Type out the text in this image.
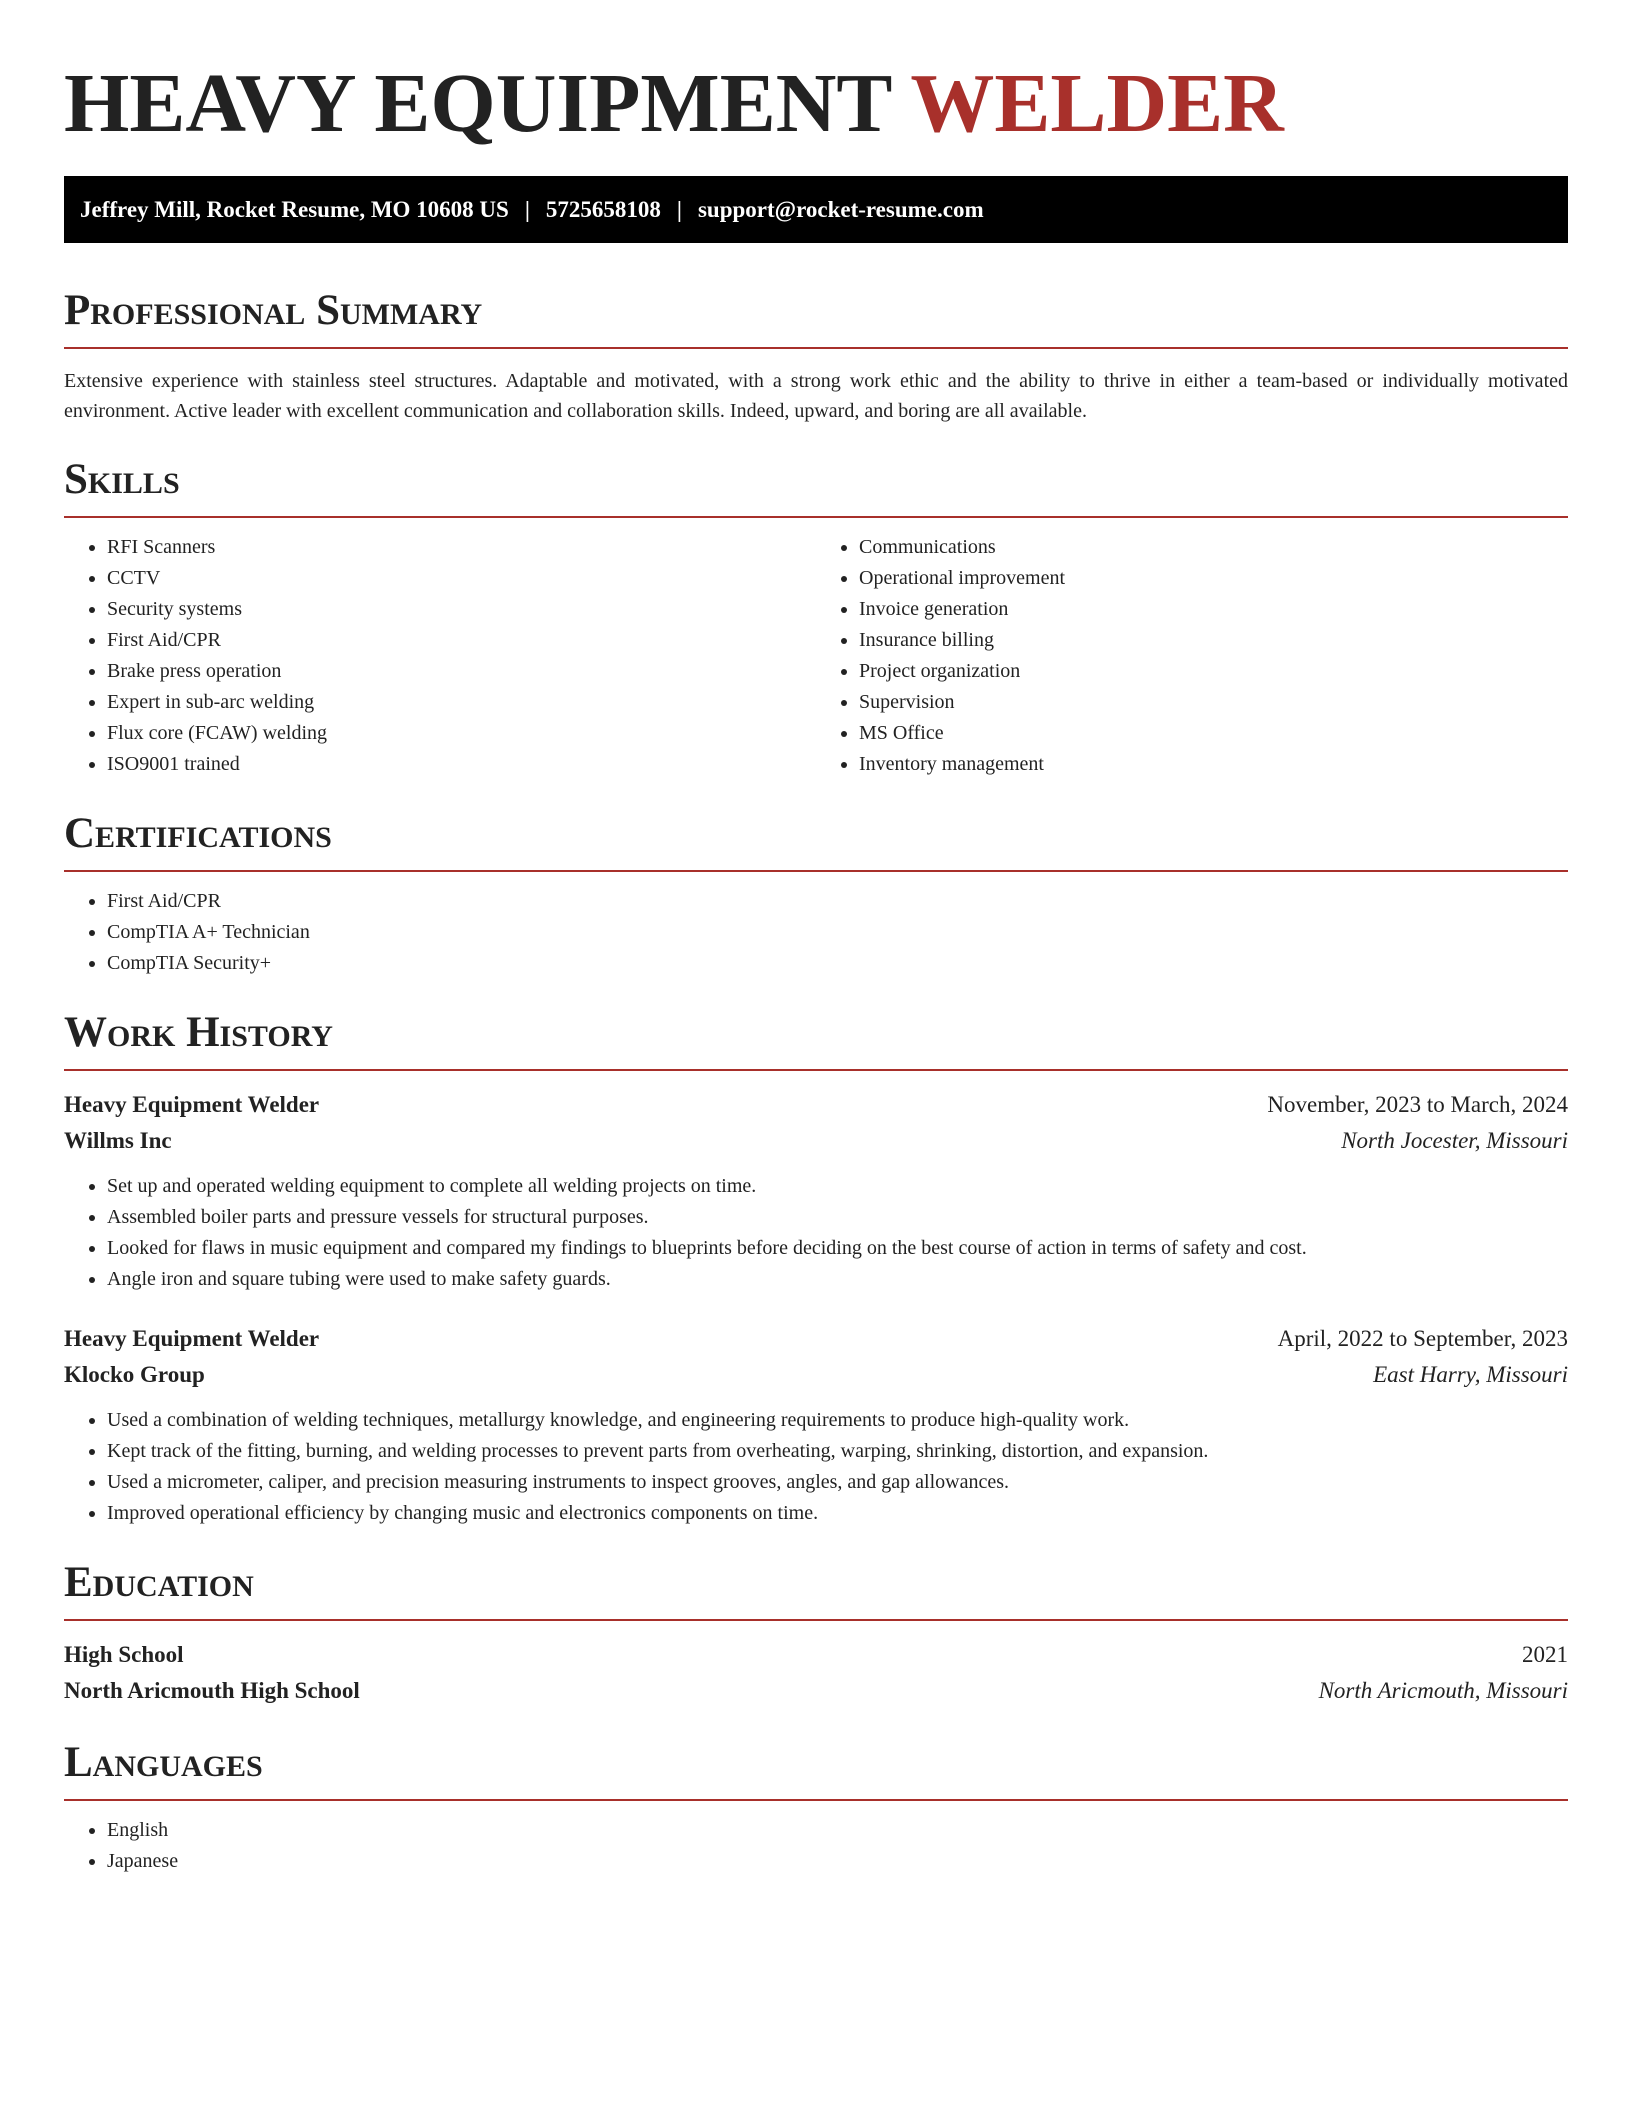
HEAVY EQUIPMENT WELDER
Jeffrey Mill, Rocket Resume, MO 10608 US | 5725658108 | support@rocket-resume.com
Professional Summary

Extensive experience with stainless steel structures. Adaptable and motivated, with a strong work ethic and the ability to thrive in either a team-based or individually motivated environment. Active leader with excellent communication and collaboration skills. Indeed, upward, and boring are all available.

Skills
• RFI Scanners
• CCTV
• Security systems
• First Aid/CPR
• Brake press operation
• Expert in sub-arc welding
• Flux core (FCAW) welding
• ISO9001 trained
• Communications
• Operational improvement
• Invoice generation
• Insurance billing
• Project organization
• Supervision
• MS Office
• Inventory management
Certifications
• First Aid/CPR
• CompTIA A+ Technician
• CompTIA Security+
Work History
Heavy Equipment Welder	November, 2023 to March, 2024
Willms Inc	North Jocester, Missouri
• Set up and operated welding equipment to complete all welding projects on time.
• Assembled boiler parts and pressure vessels for structural purposes.
• Looked for flaws in music equipment and compared my findings to blueprints before deciding on the best course of action in terms of safety and cost.
• Angle iron and square tubing were used to make safety guards.
Heavy Equipment Welder	April, 2022 to September, 2023
Klocko Group	East Harry, Missouri
• Used a combination of welding techniques, metallurgy knowledge, and engineering requirements to produce high-quality work.
• Kept track of the fitting, burning, and welding processes to prevent parts from overheating, warping, shrinking, distortion, and expansion.
• Used a micrometer, caliper, and precision measuring instruments to inspect grooves, angles, and gap allowances.
• Improved operational efficiency by changing music and electronics components on time.
Education
High School	2021
North Aricmouth High School	North Aricmouth, Missouri
Languages
• English
• Japanese
